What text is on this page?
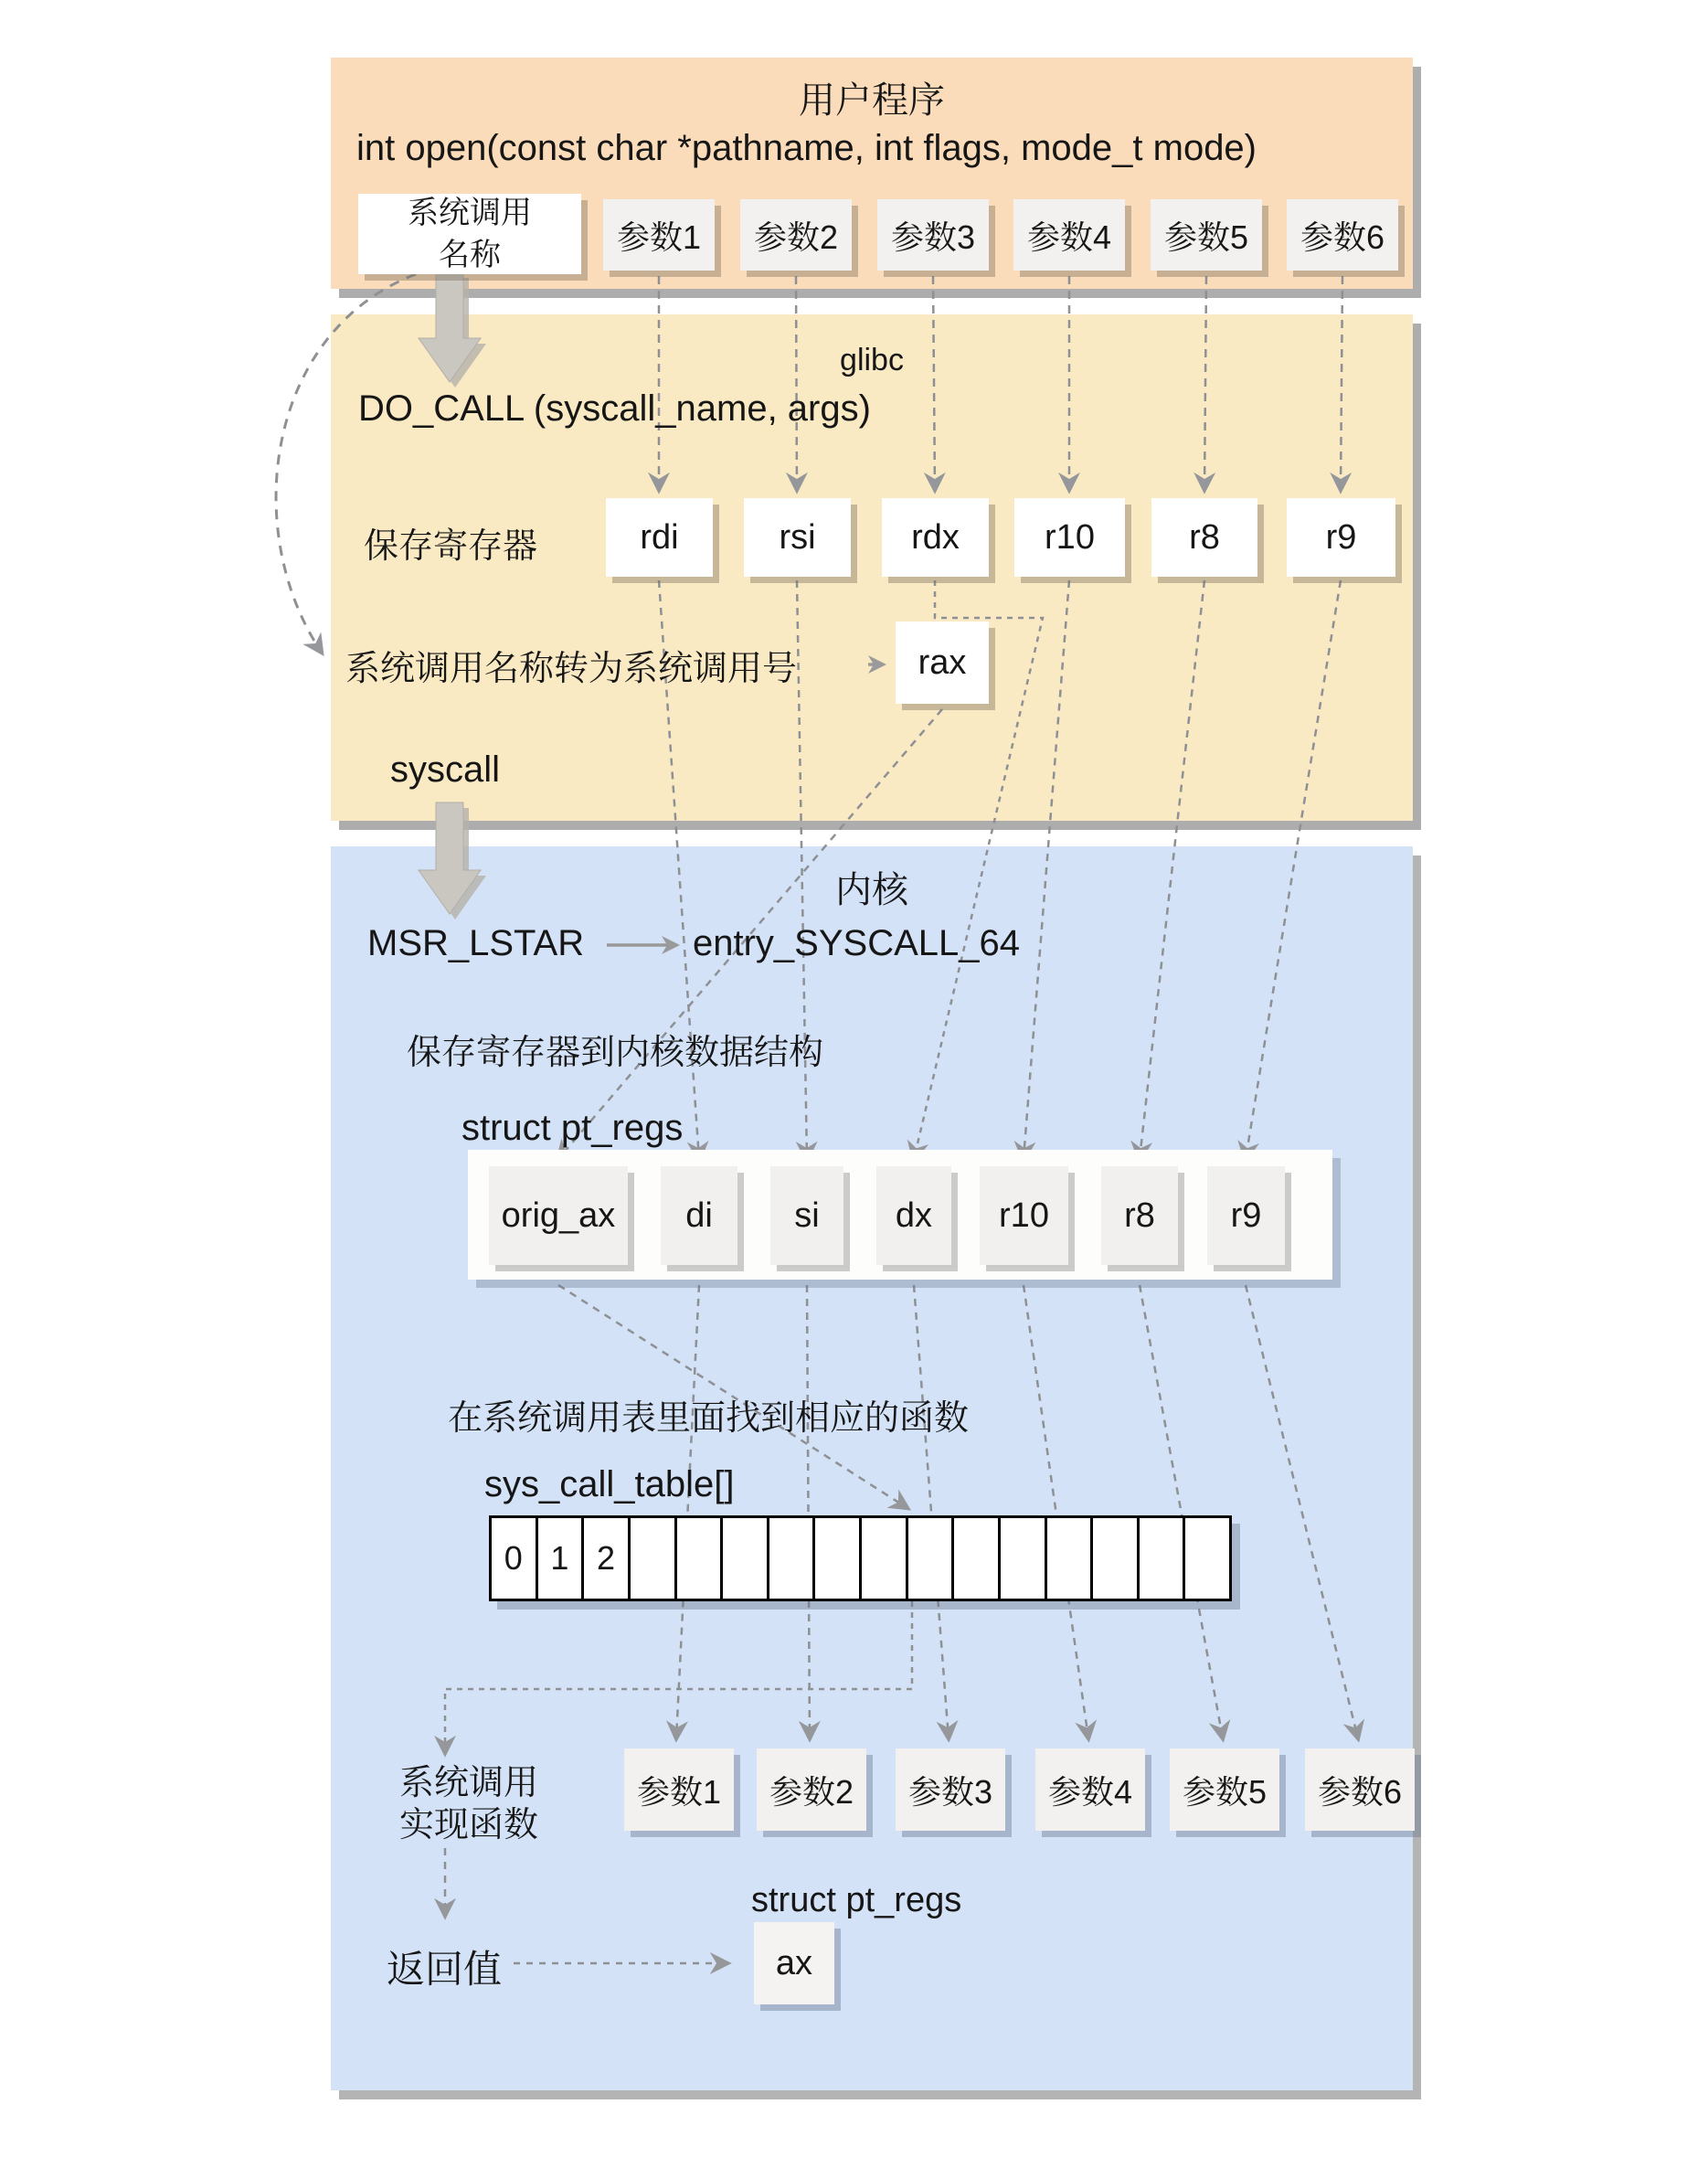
用户程序
int open(const char *pathname, int flags, mode_t mode)
系统调用
名称	参数1	参数2	参数3	参数4	参数5	参数6
glibc
DO_CALL (syscall_name, args)
保存寄存器	rdi	rsi	rdx	r10	r8	r9
系统调用名称转为系统调用号	rax
syscall
内核
MSR_LSTAR	entry_SYSCALL_64
保存寄存器到内核数据结构
struct pt_regs
orig_ax	di	si	dx	r10	r8	r9
在系统调用表里面找到相应的函数
sys_call_table[]
0 1 2
系统调用
实现函数
参数1	参数2	参数3	参数4	参数5	参数6
struct pt_regs
ax
返回值
